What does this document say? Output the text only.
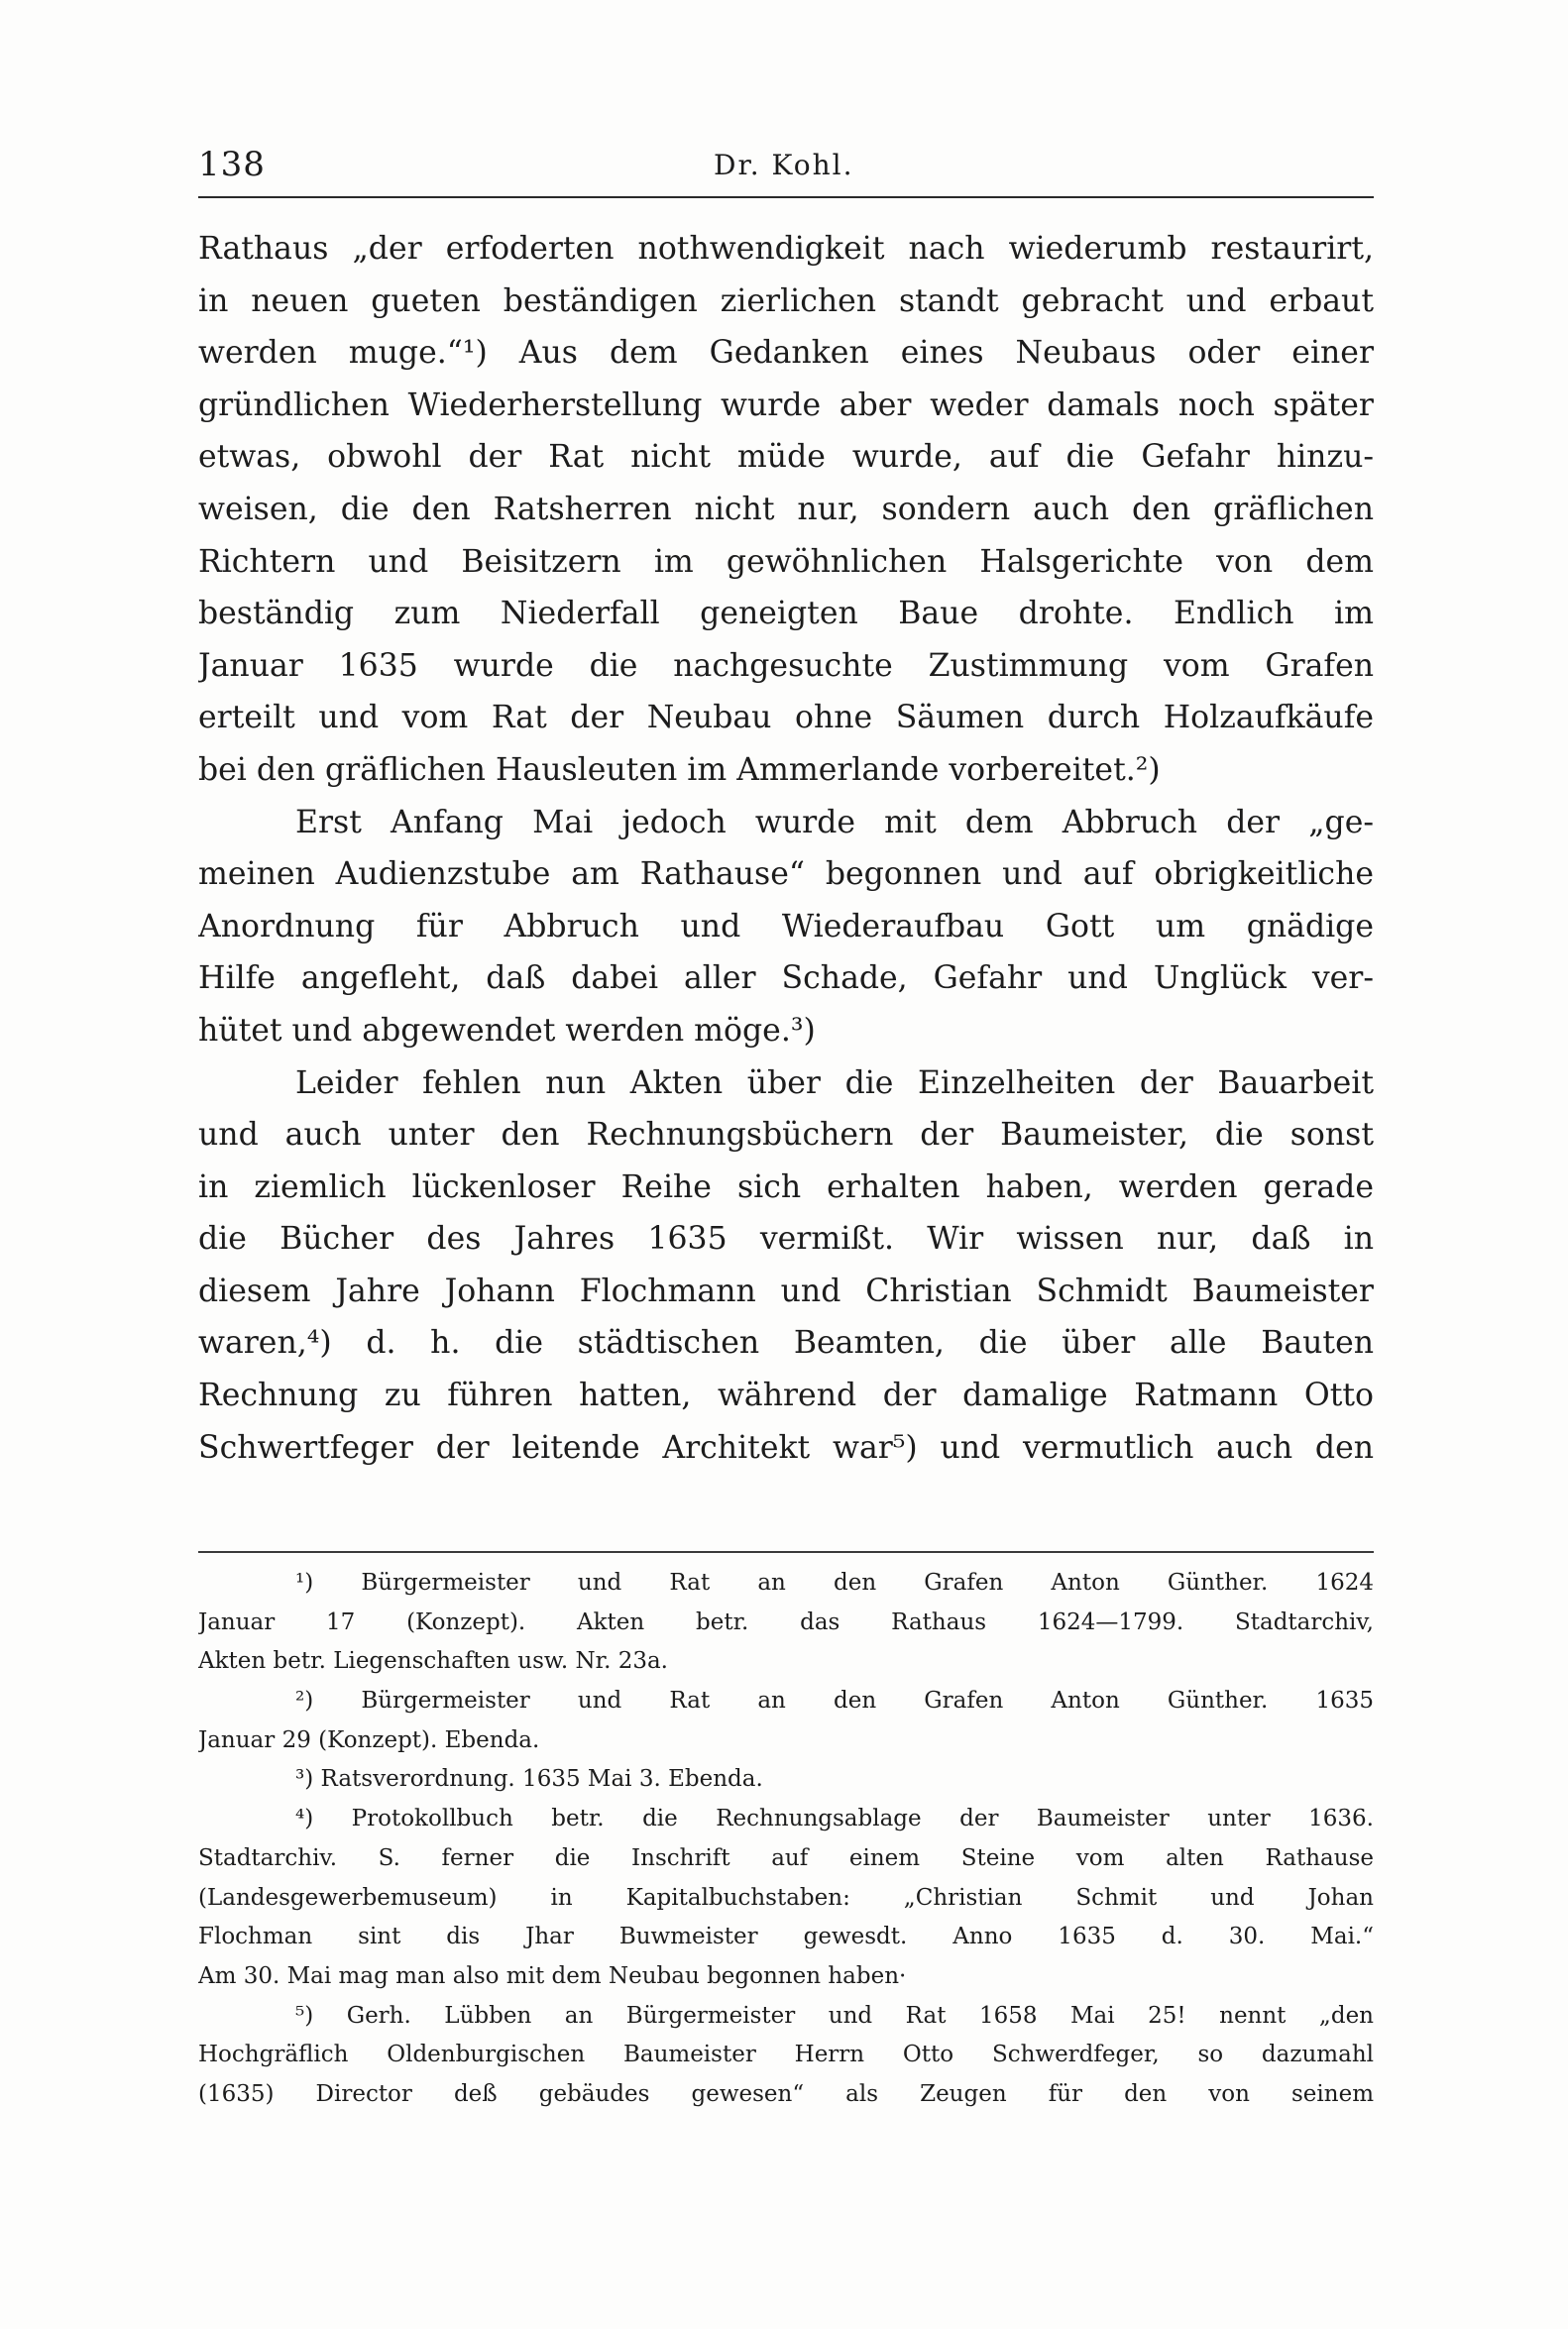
138	Dr. Kohl.
Rathaus „der erfoderten nothwendigkeit nach wiederumb restaurirt,
in neuen gueten beständigen zierlichen standt gebracht und erbaut
werden muge.“¹) Aus dem Gedanken eines Neubaus oder einer
gründlichen Wiederherstellung wurde aber weder damals noch später
etwas, obwohl der Rat nicht müde wurde, auf die Gefahr hinzu-
weisen, die den Ratsherren nicht nur, sondern auch den gräflichen
Richtern und Beisitzern im gewöhnlichen Halsgerichte von dem
beständig zum Niederfall geneigten Baue drohte. Endlich im
Januar 1635 wurde die nachgesuchte Zustimmung vom Grafen
erteilt und vom Rat der Neubau ohne Säumen durch Holzaufkäufe
bei den gräflichen Hausleuten im Ammerlande vorbereitet.²)
Erst Anfang Mai jedoch wurde mit dem Abbruch der „ge-
meinen Audienzstube am Rathause“ begonnen und auf obrigkeitliche
Anordnung für Abbruch und Wiederaufbau Gott um gnädige
Hilfe angefleht, daß dabei aller Schade, Gefahr und Unglück ver-
hütet und abgewendet werden möge.³)
Leider fehlen nun Akten über die Einzelheiten der Bauarbeit
und auch unter den Rechnungsbüchern der Baumeister, die sonst
in ziemlich lückenloser Reihe sich erhalten haben, werden gerade
die Bücher des Jahres 1635 vermißt. Wir wissen nur, daß in
diesem Jahre Johann Flochmann und Christian Schmidt Baumeister
waren,⁴) d. h. die städtischen Beamten, die über alle Bauten
Rechnung zu führen hatten, während der damalige Ratmann Otto
Schwertfeger der leitende Architekt war⁵) und vermutlich auch den
¹) Bürgermeister und Rat an den Grafen Anton Günther. 1624
Januar 17 (Konzept). Akten betr. das Rathaus 1624—1799. Stadtarchiv,
Akten betr. Liegenschaften usw. Nr. 23a.
²) Bürgermeister und Rat an den Grafen Anton Günther. 1635
Januar 29 (Konzept). Ebenda.
³) Ratsverordnung. 1635 Mai 3. Ebenda.
⁴) Protokollbuch betr. die Rechnungsablage der Baumeister unter 1636.
Stadtarchiv. S. ferner die Inschrift auf einem Steine vom alten Rathause
(Landesgewerbemuseum) in Kapitalbuchstaben: „Christian Schmit und Johan
Flochman sint dis Jhar Buwmeister gewesdt. Anno 1635 d. 30. Mai.“
Am 30. Mai mag man also mit dem Neubau begonnen haben·
⁵) Gerh. Lübben an Bürgermeister und Rat 1658 Mai 25! nennt „den
Hochgräflich Oldenburgischen Baumeister Herrn Otto Schwerdfeger, so dazumahl
(1635) Director deß gebäudes gewesen“ als Zeugen für den von seinem
